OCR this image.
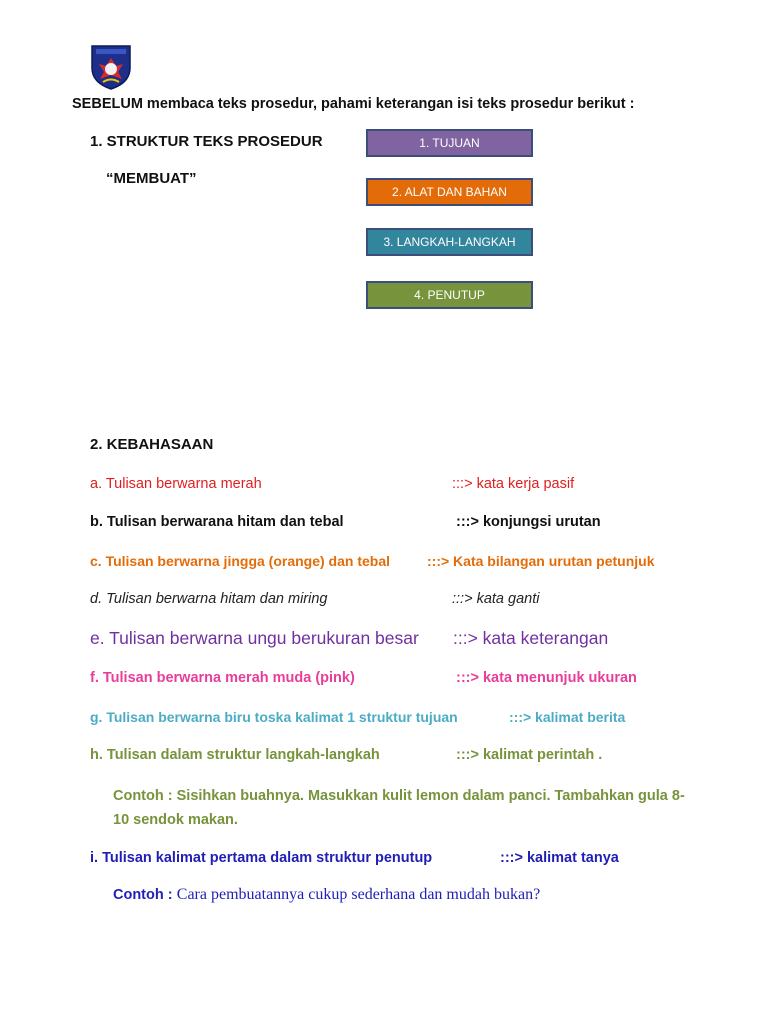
SEBELUM membaca teks prosedur, pahami keterangan isi teks prosedur berikut :
1. STRUKTUR TEKS PROSEDUR
“MEMBUAT”
1. TUJUAN
2. ALAT DAN BAHAN
3. LANGKAH-LANGKAH
4. PENUTUP
2. KEBAHASAAN
a. Tulisan berwarna merah	:::> kata kerja pasif
b. Tulisan berwarana hitam dan tebal	:::> konjungsi urutan
c. Tulisan berwarna jingga (orange) dan tebal	:::> Kata bilangan urutan petunjuk
d. Tulisan berwarna hitam dan miring	:::> kata ganti
e. Tulisan berwarna ungu berukuran besar :::> kata keterangan
f. Tulisan berwarna merah muda (pink)	:::> kata menunjuk ukuran
g. Tulisan berwarna biru toska kalimat 1 struktur tujuan	:::> kalimat berita
h. Tulisan dalam struktur langkah-langkah	:::> kalimat perintah .
Contoh : Sisihkan buahnya. Masukkan kulit lemon dalam panci. Tambahkan gula 8-10 sendok makan.
i. Tulisan kalimat pertama dalam struktur penutup	:::> kalimat tanya
Contoh : Cara pembuatannya cukup sederhana dan mudah bukan?
